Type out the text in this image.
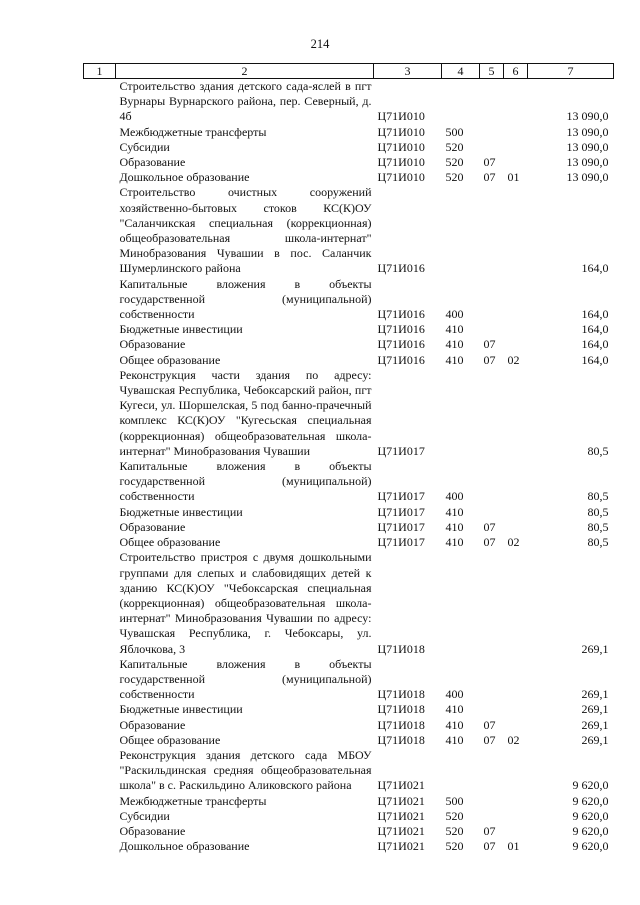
214
1	2	3	4	5	6	7
	Строительство здания детского сада-яслей в пгт Вурнары Вурнарского района, пер. Северный, д. 4б	Ц71И010				13 090,0
	Межбюджетные трансферты	Ц71И010	500			13 090,0
	Субсидии	Ц71И010	520			13 090,0
	Образование	Ц71И010	520	07		13 090,0
	Дошкольное образование	Ц71И010	520	07	01	13 090,0
	Строительство очистных сооружений хозяйственно-бытовых стоков КС(К)ОУ "Саланчикская специальная (коррекционная) общеобразовательная школа-интернат" Минобразования Чувашии в пос. Саланчик Шумерлинского района	Ц71И016				164,0
	Капитальные вложения в объекты государственной (муниципальной) собственности	Ц71И016	400			164,0
	Бюджетные инвестиции	Ц71И016	410			164,0
	Образование	Ц71И016	410	07		164,0
	Общее образование	Ц71И016	410	07	02	164,0
	Реконструкция части здания по адресу: Чувашская Республика, Чебоксарский район, пгт Кугеси, ул. Шоршелская, 5 под банно-прачечный комплекс КС(К)ОУ "Кугесьская специальная (коррекционная) общеобразовательная школа-интернат" Минобразования Чувашии	Ц71И017				80,5
	Капитальные вложения в объекты государственной (муниципальной) собственности	Ц71И017	400			80,5
	Бюджетные инвестиции	Ц71И017	410			80,5
	Образование	Ц71И017	410	07		80,5
	Общее образование	Ц71И017	410	07	02	80,5
	Строительство пристроя с двумя дошкольными группами для слепых и слабовидящих детей к зданию КС(К)ОУ "Чебоксарская специальная (коррекционная) общеобразовательная школа-интернат" Минобразования Чувашии по адресу: Чувашская Республика, г. Чебоксары, ул. Яблочкова, 3	Ц71И018				269,1
	Капитальные вложения в объекты государственной (муниципальной) собственности	Ц71И018	400			269,1
	Бюджетные инвестиции	Ц71И018	410			269,1
	Образование	Ц71И018	410	07		269,1
	Общее образование	Ц71И018	410	07	02	269,1
	Реконструкция здания детского сада МБОУ "Раскильдинская средняя общеобразовательная школа" в с. Раскильдино Аликовского района	Ц71И021				9 620,0
	Межбюджетные трансферты	Ц71И021	500			9 620,0
	Субсидии	Ц71И021	520			9 620,0
	Образование	Ц71И021	520	07		9 620,0
	Дошкольное образование	Ц71И021	520	07	01	9 620,0
